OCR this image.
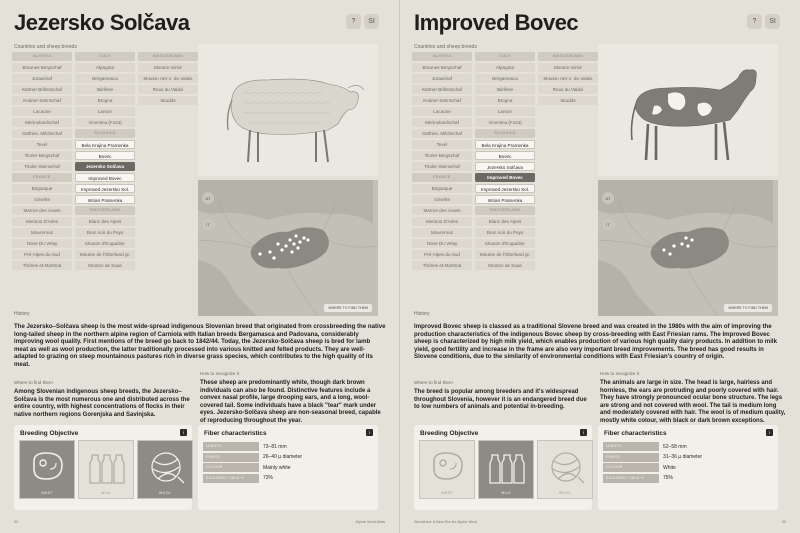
Jezersko Solčava	?	SI
Countries and sheep breeds
AUSTRIA	ITALY	SWITZERLAND
Braunes Bergschaf	Alpagota	Mouton miroir
Juraschaf	Bergamasca	Mouton nez n. du Valais
Kärtner Brillenschaf	Biellese	Roux du Valais
Krainer Steinschaf	Brogna	Skudde
Lacaune	Lamon
Merinolandschaf	Vicentina (Foza)
Ostfries. Milchschaf	SLOVENIA
Texel	Bela Krajina Pramenka
Tiroler Bergschaf	Bovec
Tiroler Steinschaf	Jezersko Solčava
FRANCE	Improved Bovec
Brigasque	Improved Jezersko Sol.
Grivette	Istrian Pramenka
Marron des Aravis	SWITZERLAND
Merinos D'Arles	Blanc des Alpes
Mourerous	Brun noir du Pays
Noire Du Velay	Mouton d'Engadine
Pré-Alpes du Sud	Mouton de l'Oberland gr.
Thônes et Marthod	Mouton de Saas
AT
IT
WHERE TO FIND THEM
History
The Jezersko–Solčava sheep is the most wide-spread indigenous Slovenian breed that originated from crossbreeding the native long-tailed sheep in the northern alpine region of Carniola with Italian breeds Bergamasca and Padovana, considerably improving wool quality. First mentions of the breed go back to 1842/44. Today, the Jezersko-Solčava sheep is bred for lamb meat as well as wool production, the latter traditionally processed into various knitted and felted products. They are well-adapted to grazing on steep mountainous pastures rich in diverse grass species, which contributes to the high quality of its meat.
Where to find them
Among Slovenian indigenous sheep breeds, the Jezersko–Solčava is the most numerous one and distributed across the entire country, with highest concentrations of flocks in their native northern regions Gorenjska and Savinjska.
How to recognize it
These sheep are predominantly white, though dark brown individuals can also be found. Distinctive features include a convex nasal profile, large drooping ears, and a long, wool-covered tail. Some individuals have a black "tear" mark under eyes. Jezersko-Solčava sheep are non-seasonal breed, capable of reproducing throughout the year.
Breeding Objective	i
MEAT	MILK	WOOL
Fiber characteristics	i
LENGTH	73–81 mm
FINESS	26–40 µ diameter
COLOUR	Mainly white
SCOURING YIELD %	73%
32	Alpine Wool Atlas
Improved Bovec	?	SI
Countries and sheep breeds
AUSTRIA	ITALY	SWITZERLAND
Braunes Bergschaf	Alpagota	Mouton miroir
Juraschaf	Bergamasca	Mouton nez n. du Valais
Kärtner Brillenschaf	Biellese	Roux du Valais
Krainer Steinschaf	Brogna	Skudde
Lacaune	Lamon
Merinolandschaf	Vicentina (Foza)
Ostfries. Milchschaf	SLOVENIA
Texel	Bela Krajina Pramenka
Tiroler Bergschaf	Bovec
Tiroler Steinschaf	Jezersko Solčava
FRANCE	Improved Bovec
Brigasque	Improved Jezersko Sol.
Grivette	Istrian Pramenka
Marron des Aravis	SWITZERLAND
Merinos D'Arles	Blanc des Alpes
Mourerous	Brun noir du Pays
Noire Du Velay	Mouton d'Engadine
Pré-Alpes du Sud	Mouton de l'Oberland gr.
Thônes et Marthod	Mouton de Saas
AT
IT
WHERE TO FIND THEM
History
Improved Bovec sheep is classed as a traditional Slovene breed and was created in the 1980s with the aim of improving the production characteristics of the indigenous Bovec sheep by cross-breeding with East Friesian rams. The Improved Bovec sheep is characterized by high milk yield, which enables production of various high quality dairy products. In addition to milk yield, good fertility and increase in the frame are also very important breed improvements. The breed has good results in Slovene conditions, due to the similarity of environmental conditions with East Friesian's country of origin.
Where to find them
The breed is popular among breeders and it's widespread throughout Slovenia, however it is an endangered breed due to low numbers of animals and potential in-breeding.
How to recognize it
The animals are large in size. The head is large, hairless and hornless, the ears are protruding and poorly covered with hair. They have strongly pronounced ocular bone structure. The legs are strong and not covered with wool. The tail is medium long and moderately covered with hair. The wool is of medium quality, mostly white colour, with black or dark brown exceptions.
Breeding Objective	i
MEAT	MILK	WOOL
Fiber characteristics	i
LENGTH	52–58 mm
FINESS	31–36 µ diameter
COLOUR	White
SCOURING YIELD %	75%
Woolshed: A New Era for Alpine Wool	33
